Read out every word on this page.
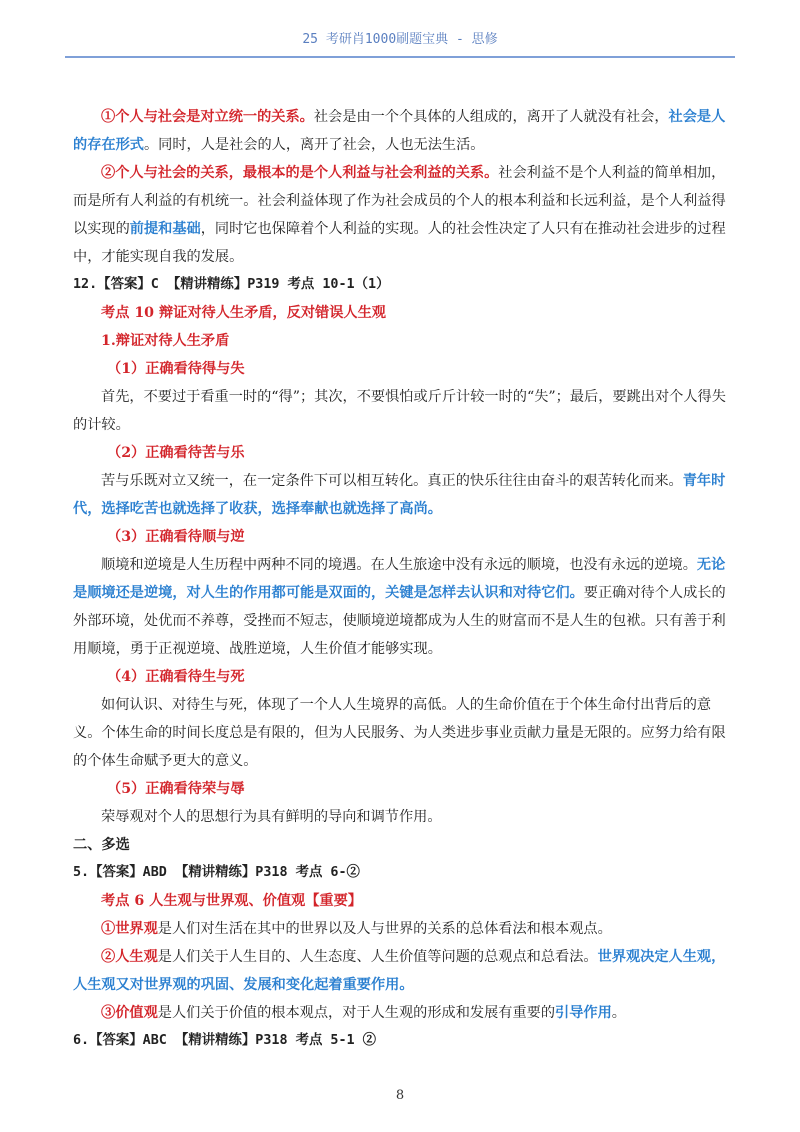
25 考研肖1000刷题宝典 - 思修

①个人与社会是对立统一的关系。社会是由一个个具体的人组成的，离开了人就没有社会，社会是人的存在形式。同时，人是社会的人，离开了社会，人也无法生活。

②个人与社会的关系，最根本的是个人利益与社会利益的关系。社会利益不是个人利益的简单相加，而是所有人利益的有机统一。社会利益体现了作为社会成员的个人的根本利益和长远利益，是个人利益得以实现的前提和基础，同时它也保障着个人利益的实现。人的社会性决定了人只有在推动社会进步的过程中，才能实现自我的发展。

12.【答案】C 【精讲精练】P319 考点 10-1（1）

考点 10 辩证对待人生矛盾，反对错误人生观

1.辩证对待人生矛盾

（1）正确看待得与失

首先，不要过于看重一时的“得”；其次，不要惧怕或斤斤计较一时的“失”；最后，要跳出对个人得失的计较。

（2）正确看待苦与乐

苦与乐既对立又统一，在一定条件下可以相互转化。真正的快乐往往由奋斗的艰苦转化而来。青年时代，选择吃苦也就选择了收获，选择奉献也就选择了高尚。

（3）正确看待顺与逆

顺境和逆境是人生历程中两种不同的境遇。在人生旅途中没有永远的顺境，也没有永远的逆境。无论是顺境还是逆境，对人生的作用都可能是双面的，关键是怎样去认识和对待它们。要正确对待个人成长的外部环境，处优而不养尊，受挫而不短志，使顺境逆境都成为人生的财富而不是人生的包袱。只有善于利用顺境，勇于正视逆境、战胜逆境，人生价值才能够实现。

（4）正确看待生与死

如何认识、对待生与死，体现了一个人人生境界的高低。人的生命价值在于个体生命付出背后的意义。个体生命的时间长度总是有限的，但为人民服务、为人类进步事业贡献力量是无限的。应努力给有限的个体生命赋予更大的意义。

（5）正确看待荣与辱

荣辱观对个人的思想行为具有鲜明的导向和调节作用。

二、多选

5.【答案】ABD 【精讲精练】P318 考点 6-②

考点 6 人生观与世界观、价值观【重要】

①世界观是人们对生活在其中的世界以及人与世界的关系的总体看法和根本观点。

②人生观是人们关于人生目的、人生态度、人生价值等问题的总观点和总看法。世界观决定人生观，人生观又对世界观的巩固、发展和变化起着重要作用。

③价值观是人们关于价值的根本观点，对于人生观的形成和发展有重要的引导作用。

6.【答案】ABC 【精讲精练】P318 考点 5-1 ②

8
